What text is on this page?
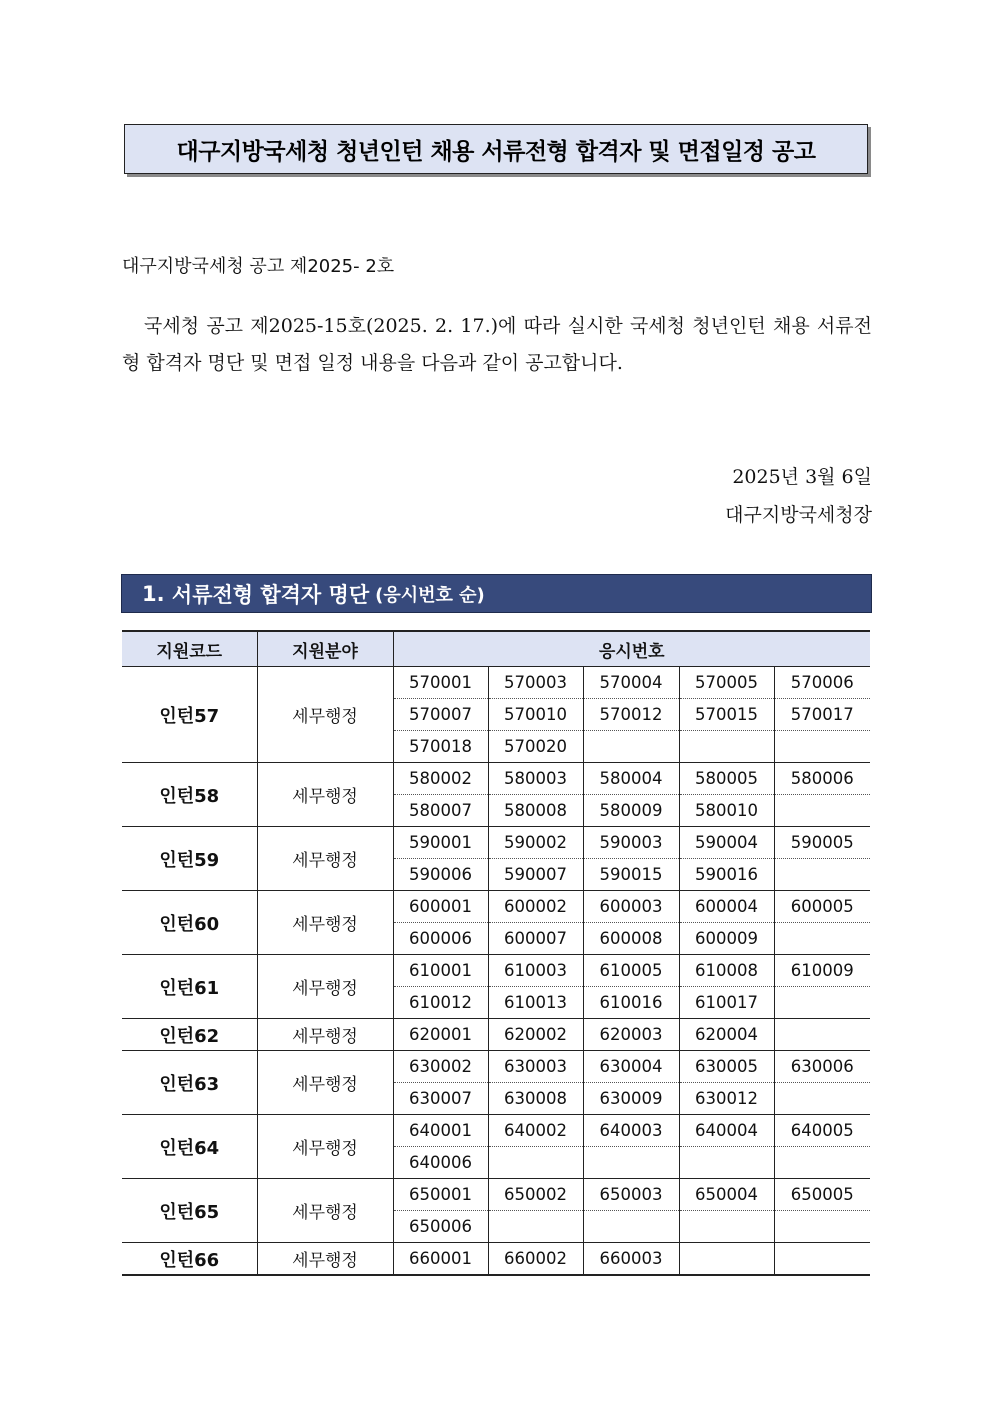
대구지방국세청 청년인턴 채용 서류전형 합격자 및 면접일정 공고
대구지방국세청 공고 제2025- 2호

국세청 공고 제2025-15호(2025. 2. 17.)에 따라 실시한 국세청 청년인턴 채용 서류전형 합격자 명단 및 면접 일정 내용을 다음과 같이 공고합니다.

2025년 3월 6일
대구지방국세청장
1.
서류전형 합격자 명단 (응시번호 순)
지원코드	지원분야	응시번호				
인턴57	세무행정	570001	570003	570004	570005	570006
		570007	570010	570012	570015	570017
		570018	570020			
인턴58	세무행정	580002	580003	580004	580005	580006
		580007	580008	580009	580010	
인턴59	세무행정	590001	590002	590003	590004	590005
		590006	590007	590015	590016	
인턴60	세무행정	600001	600002	600003	600004	600005
		600006	600007	600008	600009	
인턴61	세무행정	610001	610003	610005	610008	610009
		610012	610013	610016	610017	
인턴62	세무행정	620001	620002	620003	620004	
인턴63	세무행정	630002	630003	630004	630005	630006
		630007	630008	630009	630012	
인턴64	세무행정	640001	640002	640003	640004	640005
		640006				
인턴65	세무행정	650001	650002	650003	650004	650005
		650006				
인턴66	세무행정	660001	660002	660003		
